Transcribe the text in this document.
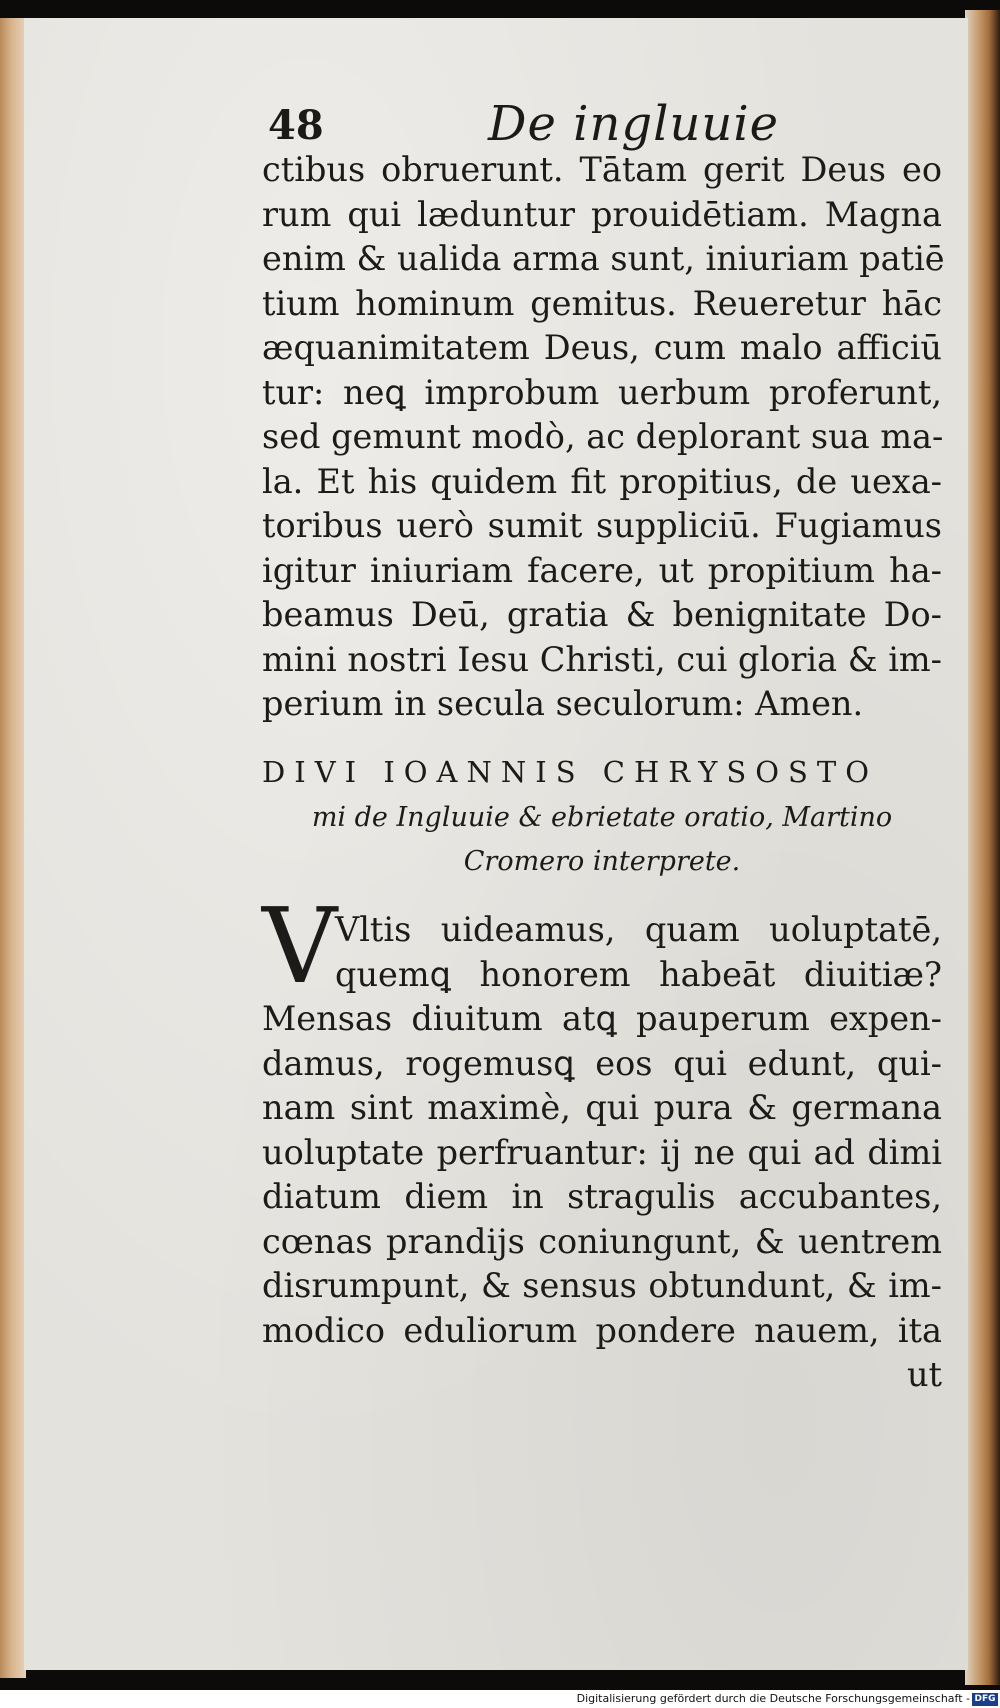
48	De ingluuie
ctibus obruerunt. Tātam gerit Deus eo
rum qui læduntur prouidētiam. Magna
enim & ualida arma sunt, iniuriam patiē
tium hominum gemitus. Reueretur hāc
æquanimitatem Deus, cum malo afficiū
tur: neꝗ improbum uerbum proferunt,
sed gemunt modò, ac deplorant sua ma-
la. Et his quidem fit propitius, de uexa-
toribus uerò sumit suppliciū. Fugiamus
igitur iniuriam facere, ut propitium ha-
beamus Deū, gratia & benignitate Do-
mini nostri Iesu Christi, cui gloria & im-
perium in secula seculorum: Amen.
DIVI IOANNIS CHRYSOSTO
mi de Ingluuie & ebrietate oratio, Martino
Cromero interprete.
V
Vltis uideamus, quam uoluptatē,
quemꝗ honorem habeāt diuitiæ?
Mensas diuitum atꝗ pauperum expen-
damus, rogemusꝗ eos qui edunt, qui-
nam sint maximè, qui pura & germana
uoluptate perfruantur: ij ne qui ad dimi
diatum diem in stragulis accubantes,
cœnas prandijs coniungunt, & uentrem
disrumpunt, & sensus obtundunt, & im-
modico eduliorum pondere nauem, ita
ut
Digitalisierung gefördert durch die Deutsche Forschungsgemeinschaft - DFG
